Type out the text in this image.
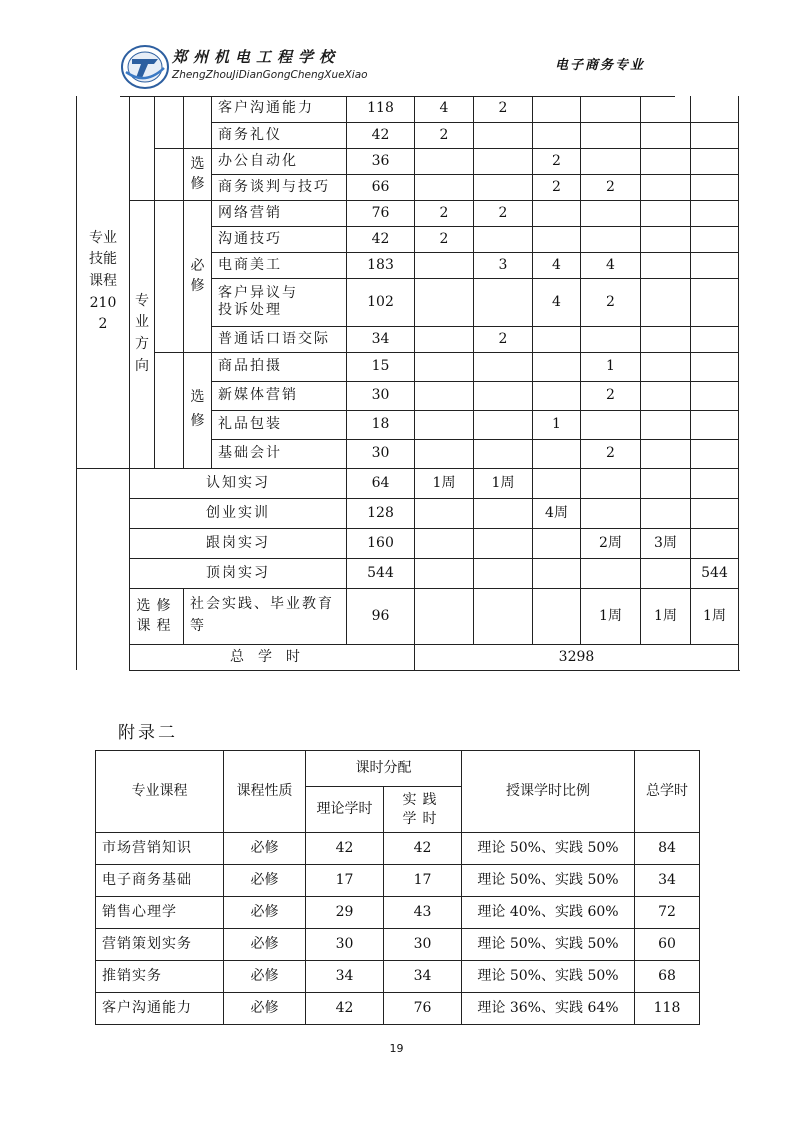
郑州机电工程学校
ZhengZhouJiDianGongChengXueXiao
电子商务专业
专业技能课程2102				客户沟通能力	118	4	2				
				商务礼仪	42	2					
			选修	办公自动化	36			2			
				商务谈判与技巧	66			2	2		
	专业方向		必修	网络营销	76	2	2				
				沟通技巧	42	2					
				电商美工	183		3	4	4		
				客户异议与
投诉处理	102			4	2		
				普通话口语交际	34		2				
			选修	商品拍摄	15				1		
				新媒体营销	30				2		
				礼品包装	18			1			
				基础会计	30				2		
	认知实习				64	1周	1周				
	创业实训				128			4周			
	跟岗实习				160				2周	3周	
	顶岗实习				544						544
	选修课程		社会实践、毕业教育等		96				1周	1周	1周
	总学时					3298					
附录二
专业课程	课程性质	课时分配		授课学时比例	总学时
		理论学时	实践学时		
市场营销知识	必修	42	42	理论 50%、实践 50%	84
电子商务基础	必修	17	17	理论 50%、实践 50%	34
销售心理学	必修	29	43	理论 40%、实践 60%	72
营销策划实务	必修	30	30	理论 50%、实践 50%	60
推销实务	必修	34	34	理论 50%、实践 50%	68
客户沟通能力	必修	42	76	理论 36%、实践 64%	118
19
